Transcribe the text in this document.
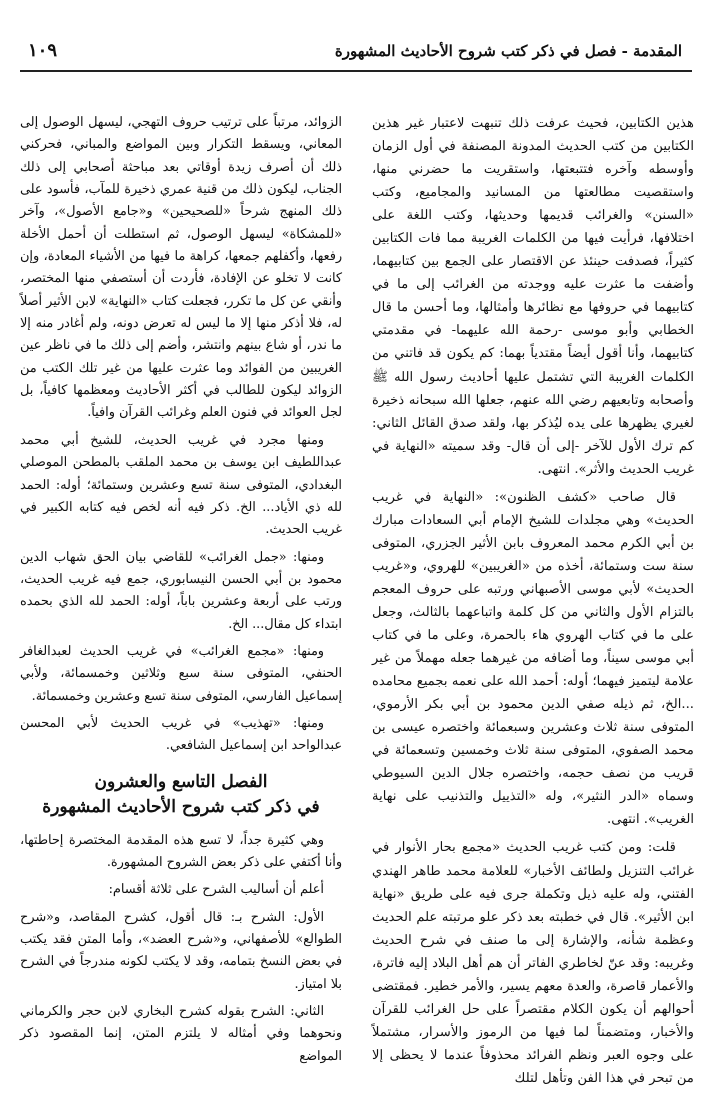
المقدمة - فصل في ذكر كتب شروح الأحاديث المشهورة
١٠٩

هذين الكتابين، فحيث عرفت ذلك تنبهت لاعتبار غير هذين الكتابين من كتب الحديث المدونة المصنفة في أول الزمان وأوسطه وآخره فتتبعتها، واستقريت ما حضرني منها، واستقصيت مطالعتها من المسانيد والمجاميع، وكتب «السنن» والغرائب قديمها وحديثها، وكتب اللغة على اختلافها، فرأيت فيها من الكلمات الغريبة مما فات الكتابين كثيراً، فصدفت حينئذ عن الاقتصار على الجمع بين كتابيهما، وأضفت ما عثرت عليه ووجدته من الغرائب إلى ما في كتابيهما في حروفها مع نظائرها وأمثالها، وما أحسن ما قال الخطابي وأبو موسى -رحمة الله عليهما- في مقدمتي كتابيهما، وأنا أقول أيضاً مقتدياً بهما: كم يكون قد فاتني من الكلمات الغريبة التي تشتمل عليها أحاديث رسول الله ﷺ وأصحابه وتابعيهم رضي الله عنهم، جعلها الله سبحانه ذخيرة لغيري يظهرها على يده ليُذكر بها، ولقد صدق القائل الثاني: كم ترك الأول للآخر -إلى أن قال- وقد سميته «النهاية في غريب الحديث والأثر». انتهى.

قال صاحب «كشف الظنون»: «النهاية في غريب الحديث» وهي مجلدات للشيخ الإمام أبي السعادات مبارك بن أبي الكرم محمد المعروف بابن الأثير الجزري، المتوفى سنة ست وستمائة، أخذه من «الغريبين» للهروي، و«غريب الحديث» لأبي موسى الأصبهاني ورتبه على حروف المعجم بالتزام الأول والثاني من كل كلمة واتباعهما بالثالث، وجعل على ما في كتاب الهروي هاء بالحمرة، وعلى ما في كتاب أبي موسى سيناً، وما أضافه من غيرهما جعله مهملاً من غير علامة ليتميز فيهما؛ أوله: أحمد الله على نعمه بجميع محامده ...الخ، ثم ذيله صفي الدين محمود بن أبي بكر الأرموي، المتوفى سنة ثلاث وعشرين وسبعمائة واختصره عيسى بن محمد الصفوي، المتوفى سنة ثلاث وخمسين وتسعمائة في قريب من نصف حجمه، واختصره جلال الدين السيوطي وسماه «الدر النثير»، وله «التذييل والتذنيب على نهاية الغريب». انتهى.

قلت: ومن كتب غريب الحديث «مجمع بحار الأنوار في غرائب التنزيل ولطائف الأخبار» للعلامة محمد طاهر الهندي الفتني، وله عليه ذيل وتكملة جرى فيه على طريق «نهاية ابن الأثير». قال في خطبته بعد ذكر علو مرتبته علم الحديث وعظمة شأنه، والإشارة إلى ما صنف في شرح الحديث وغريبه: وقد عنّ لخاطري الفاتر أن هم أهل البلاد إليه فاترة، والأعمار قاصرة، والعدة معهم يسير، والأمر خطير. فمقتضى أحوالهم أن يكون الكلام مقتصراً على حل الغرائب للقرآن والأخبار، ومتضمناً لما فيها من الرموز والأسرار، مشتملاً على وجوه العبر ونظم الفرائد محذوفاً عندما لا يحظى إلا من تبحر في هذا الفن وتأهل لتلك

الزوائد، مرتباً على ترتيب حروف التهجي، ليسهل الوصول إلى المعاني، ويسقط التكرار وبين المواضع والمباني، فحركني ذلك أن أصرف زيدة أوقاتي بعد مباحثة أصحابي إلى ذلك الجناب، ليكون ذلك من قنية عمري ذخيرة للمآب، فأسود على ذلك المنهج شرحاً «للصحيحين» و«جامع الأصول»، وآخر «للمشكاة» ليسهل الوصول، ثم استطلت أن أحمل الأخلة رفعها، وأكفلهم جمعها، كراهة ما فيها من الأشياء المعادة، وإن كانت لا تخلو عن الإفادة، فأردت أن أستصفي منها المختصر، وأنقي عن كل ما تكرر، فجعلت كتاب «النهاية» لابن الأثير أصلاً له، فلا أذكر منها إلا ما ليس له تعرض دونه، ولم أغادر منه إلا ما ندر، أو شاع بينهم وانتشر، وأضم إلى ذلك ما في ناظر عين الغريبين من الفوائد وما عثرت عليها من غير تلك الكتب من الزوائد ليكون للطالب في أكثر الأحاديث ومعظمها كافياً، بل لجل العوائد في فنون العلم وغرائب القرآن وافياً.

ومنها مجرد في غريب الحديث، للشيخ أبي محمد عبداللطيف ابن يوسف بن محمد الملقب بالمطحن الموصلي البغدادي، المتوفى سنة تسع وعشرين وستمائة؛ أوله: الحمد لله ذي الأياد... الخ. ذكر فيه أنه لخص فيه كتابه الكبير في غريب الحديث.

ومنها: «جمل الغرائب» للقاضي بيان الحق شهاب الدين محمود بن أبي الحسن النيسابوري، جمع فيه غريب الحديث، ورتب على أربعة وعشرين باباً، أوله: الحمد لله الذي بحمده ابتداء كل مقال... الخ.

ومنها: «مجمع الغرائب» في غريب الحديث لعبدالغافر الحنفي، المتوفى سنة سبع وثلاثين وخمسمائة، ولأبي إسماعيل الفارسي، المتوفى سنة تسع وعشرين وخمسمائة.

ومنها: «تهذيب» في غريب الحديث لأبي المحسن عبدالواحد ابن إسماعيل الشافعي.

الفصل التاسع والعشرون
في ذكر كتب شروح الأحاديث المشهورة

وهي كثيرة جداً، لا تسع هذه المقدمة المختصرة إحاطتها، وأنا أكتفي على ذكر بعض الشروح المشهورة.

أعلم أن أساليب الشرح على ثلاثة أقسام:

الأول: الشرح بـ: قال أقول، كشرح المقاصد، و«شرح الطوالع» للأصفهاني، و«شرح العضد»، وأما المتن فقد يكتب في بعض النسخ بتمامه، وقد لا يكتب لكونه مندرجاً في الشرح بلا امتياز.

الثاني: الشرح بقوله كشرح البخاري لابن حجر والكرماني ونحوهما وفي أمثاله لا يلتزم المتن، إنما المقصود ذكر المواضع
